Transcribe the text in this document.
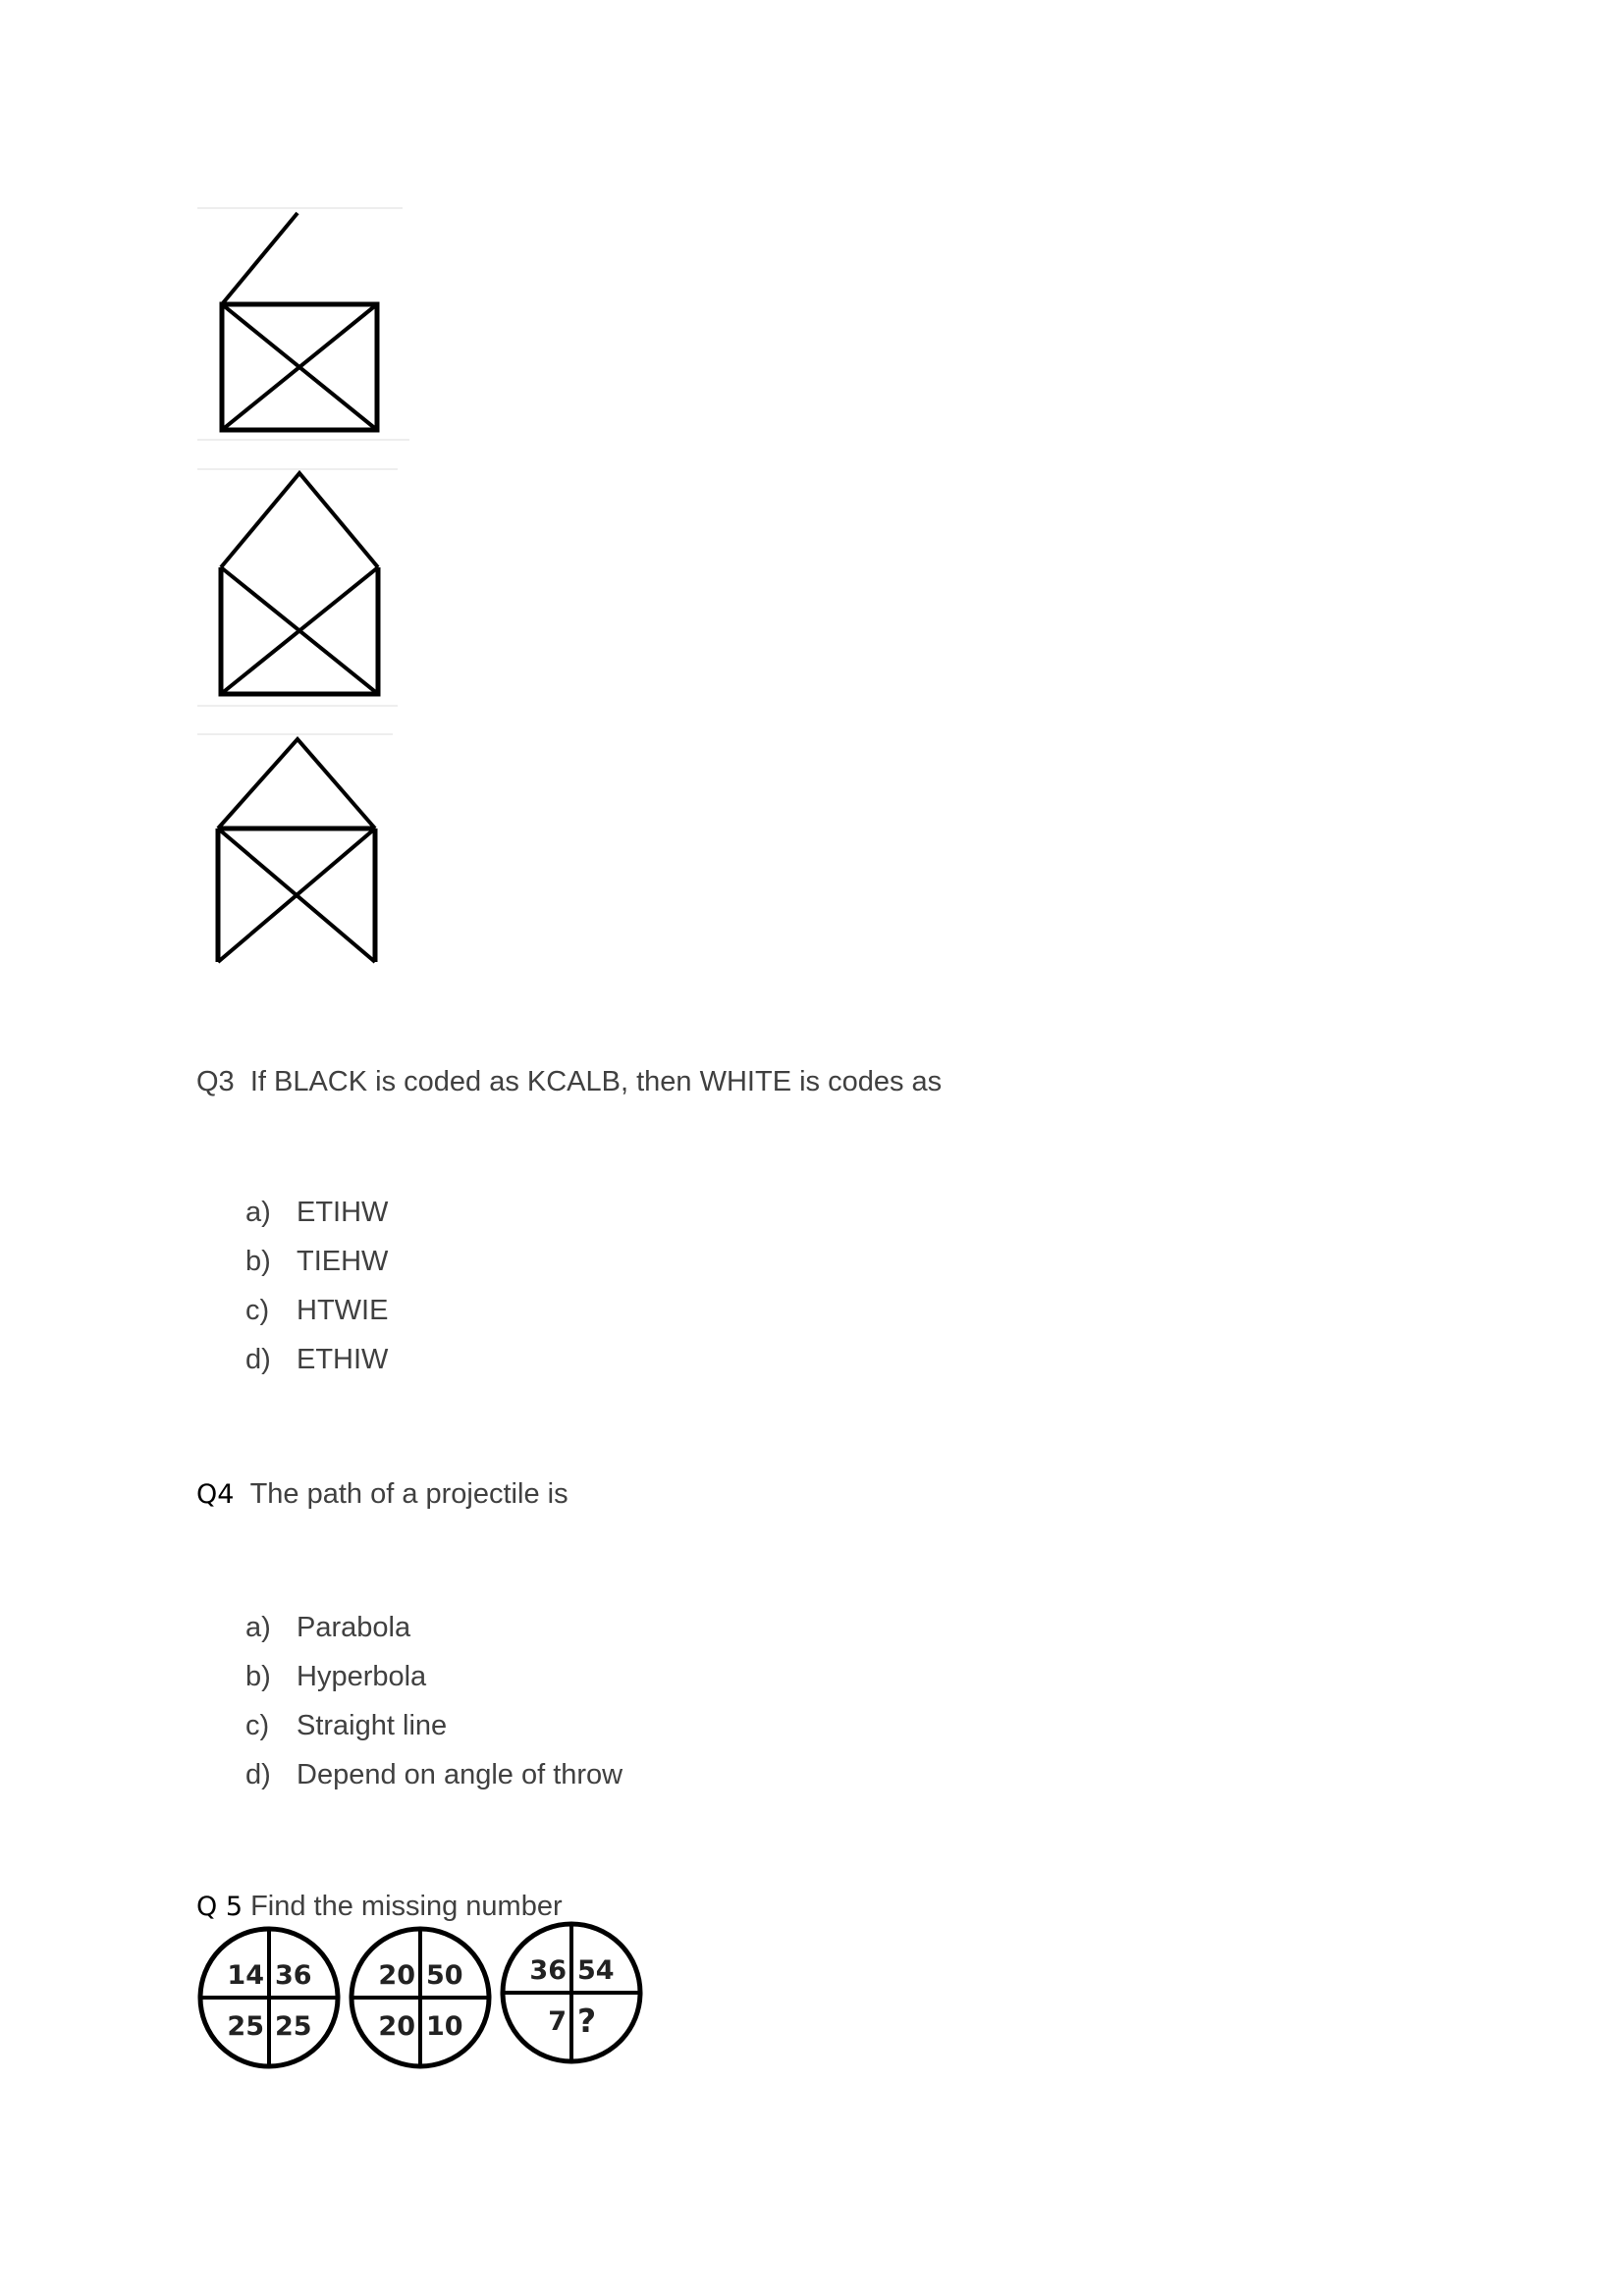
Q3 If BLACK is coded as KCALB, then WHITE is codes as
a) ETIHW
b) TIEHW
c) HTWIE
d) ETHIW
Q4 The path of a projectile is
a) Parabola
b) Hyperbola
c) Straight line
d) Depend on angle of throw
Q 5 Find the missing number
14 36
25 25
20 50
20 10
36 54
7 ?
